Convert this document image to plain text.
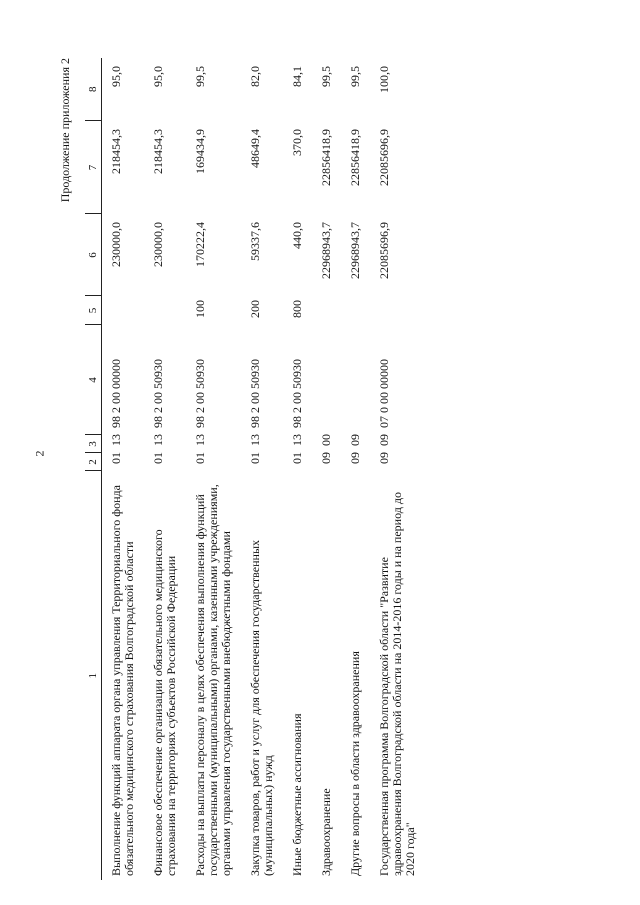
2
Продолжение приложения 2
1	2	3	4	5	6	7	8
Выполнение функций аппарата органа управления Территориального фонда обязательного медицинского страхования Волгоградской области	01	13	98 2 00 00000		230000,0	218454,3	95,0
Финансовое обеспечение организации обязательного медицинского страхования на территориях субъектов Российской Федерации	01	13	98 2 00 50930		230000,0	218454,3	95,0
Расходы на выплаты персоналу в целях обеспечения выполнения функций государственными (муниципальными) органами, казенными учреждениями, органами управления государственными внебюджетными фондами	01	13	98 2 00 50930	100	170222,4	169434,9	99,5
Закупка товаров, работ и услуг для обеспечения государственных (муниципальных) нужд	01	13	98 2 00 50930	200	59337,6	48649,4	82,0
Иные бюджетные ассигнования	01	13	98 2 00 50930	800	440,0	370,0	84,1
Здравоохранение	09	00			22968943,7	22856418,9	99,5
Другие вопросы в области здравоохранения	09	09			22968943,7	22856418,9	99,5
Государственная программа Волгоградской области "Развитие здравоохранения Волгоградской области на 2014-2016 годы и на период до 2020 года"	09	09	07 0 00 00000		22085696,9	22085696,9	100,0
